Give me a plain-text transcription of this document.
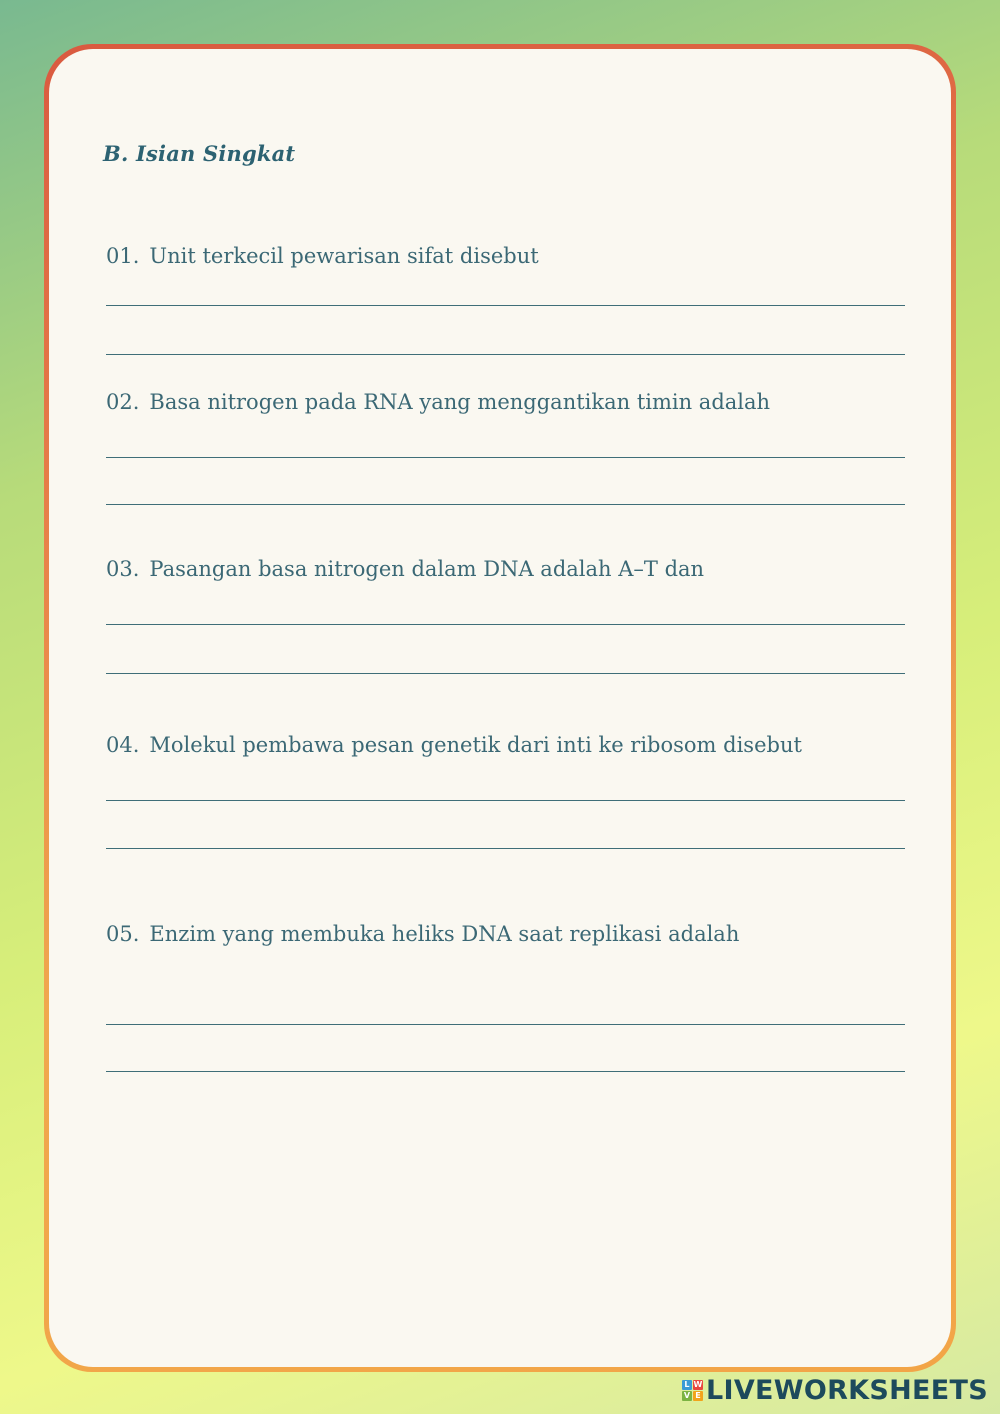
B. Isian Singkat

01. Unit terkecil pewarisan sifat disebut

02. Basa nitrogen pada RNA yang menggantikan timin adalah

03. Pasangan basa nitrogen dalam DNA adalah A–T dan

04. Molekul pembawa pesan genetik dari inti ke ribosom disebut

05. Enzim yang membuka heliks DNA saat replikasi adalah

L W
V E LIVEWORKSHEETS
